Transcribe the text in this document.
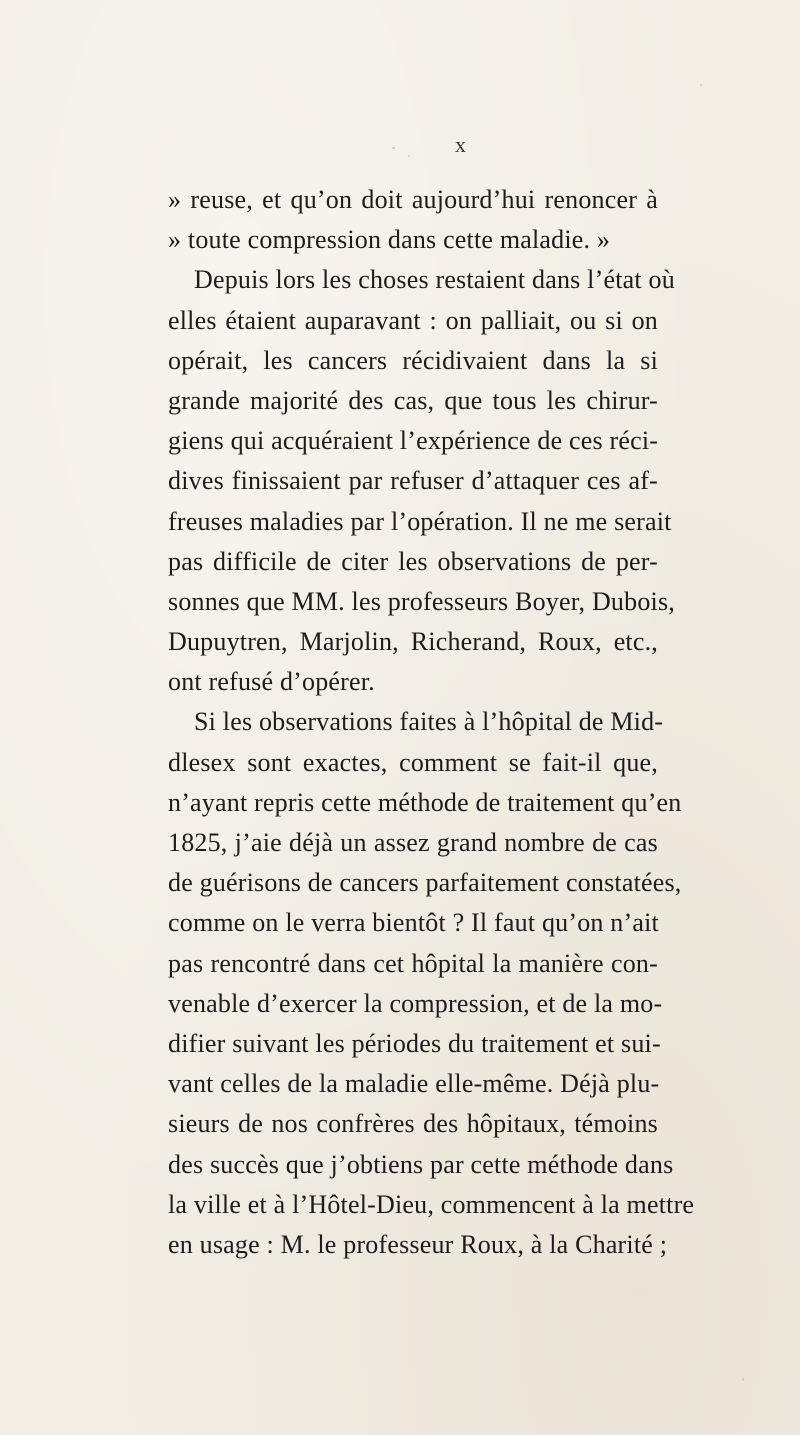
x
» reuse, et qu’on doit aujourd’hui renoncer à
» toute compression dans cette maladie. »
Depuis lors les choses restaient dans l’état où
elles étaient auparavant : on palliait, ou si on
opérait, les cancers récidivaient dans la si
grande majorité des cas, que tous les chirur-
giens qui acquéraient l’expérience de ces réci-
dives finissaient par refuser d’attaquer ces af-
freuses maladies par l’opération. Il ne me serait
pas difficile de citer les observations de per-
sonnes que MM. les professeurs Boyer, Dubois,
Dupuytren, Marjolin, Richerand, Roux, etc.,
ont refusé d’opérer.
Si les observations faites à l’hôpital de Mid-
dlesex sont exactes, comment se fait-il que,
n’ayant repris cette méthode de traitement qu’en
1825, j’aie déjà un assez grand nombre de cas
de guérisons de cancers parfaitement constatées,
comme on le verra bientôt ? Il faut qu’on n’ait
pas rencontré dans cet hôpital la manière con-
venable d’exercer la compression, et de la mo-
difier suivant les périodes du traitement et sui-
vant celles de la maladie elle-même. Déjà plu-
sieurs de nos confrères des hôpitaux, témoins
des succès que j’obtiens par cette méthode dans
la ville et à l’Hôtel-Dieu, commencent à la mettre
en usage : M. le professeur Roux, à la Charité ;
